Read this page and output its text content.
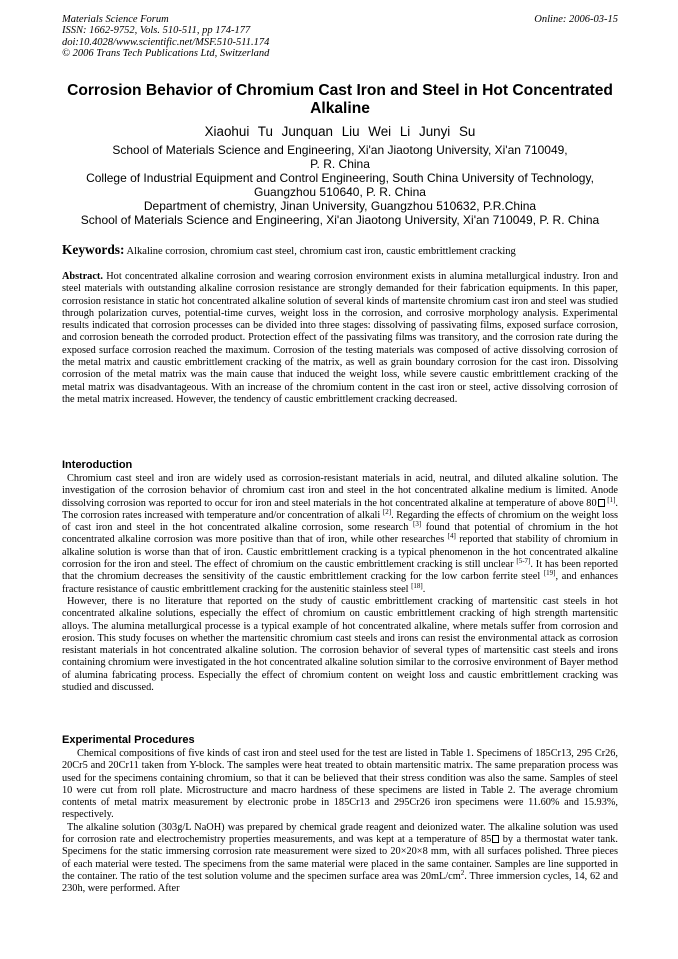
Materials Science Forum
ISSN: 1662-9752, Vols. 510-511, pp 174-177
doi:10.4028/www.scientific.net/MSF.510-511.174
© 2006 Trans Tech Publications Ltd, Switzerland
Online: 2006-03-15
Corrosion Behavior of Chromium Cast Iron and Steel in Hot Concentrated Alkaline
Xiaohui Tu Junquan Liu Wei Li Junyi Su
School of Materials Science and Engineering, Xi'an Jiaotong University, Xi'an 710049,
P. R. China
College of Industrial Equipment and Control Engineering, South China University of Technology,
Guangzhou 510640, P. R. China
Department of chemistry, Jinan University, Guangzhou 510632, P.R.China
School of Materials Science and Engineering, Xi'an Jiaotong University, Xi'an 710049, P. R. China
Keywords: Alkaline corrosion, chromium cast steel, chromium cast iron, caustic embrittlement cracking

Abstract. Hot concentrated alkaline corrosion and wearing corrosion environment exists in alumina metallurgical industry. Iron and steel materials with outstanding alkaline corrosion resistance are strongly demanded for their fabrication equipments. In this paper, corrosion resistance in static hot concentrated alkaline solution of several kinds of martensite chromium cast iron and steel was studied through polarization curves, potential-time curves, weight loss in the corrosion, and corrosive morphology analysis. Experimental results indicated that corrosion processes can be divided into three stages: dissolving of passivating films, exposed surface corrosion, and corrosion beneath the corroded product. Protection effect of the passivating films was transitory, and the corrosion rate during the exposed surface corrosion reached the maximum. Corrosion of the testing materials was composed of active dissolving corrosion of the metal matrix and caustic embrittlement cracking of the matrix, as well as grain boundary corrosion for the cast iron. Dissolving corrosion of the metal matrix was the main cause that induced the weight loss, while severe caustic embrittlement cracking of the metal matrix was disadvantageous. With an increase of the chromium content in the cast iron or steel, active dissolving corrosion of the metal matrix increased. However, the tendency of caustic embrittlement cracking decreased.

Interoduction

Chromium cast steel and iron are widely used as corrosion-resistant materials in acid, neutral, and diluted alkaline solution. The investigation of the corrosion behavior of chromium cast iron and steel in the hot concentrated alkaline medium is limited. Anode dissolving corrosion was reported to occur for iron and steel materials in the hot concentrated alkaline at temperature of above 80 [1]. The corrosion rates increased with temperature and/or concentration of alkali [2]. Regarding the effects of chromium on the weight loss of cast iron and steel in the hot concentrated alkaline corrosion, some research [3] found that potential of chromium in the hot concentrated alkaline corrosion was more positive than that of iron, while other researches [4] reported that stability of chromium in alkaline solution is worse than that of iron. Caustic embrittlement cracking is a typical phenomenon in the hot concentrated alkaline corrosion for the iron and steel. The effect of chromium on the caustic embrittlement cracking is still unclear [5-7]. It has been reported that the chromium decreases the sensitivity of the caustic embrittlement cracking for the low carbon ferrite steel [19], and enhances fracture resistance of caustic embrittlement cracking for the austenitic stainless steel [18].

However, there is no literature that reported on the study of caustic embrittlement cracking of martensitic cast steels in hot concentrated alkaline solutions, especially the effect of chromium on caustic embrittlement cracking of high strength martensitic alloys. The alumina metallurgical processe is a typical example of hot concentrated alkaline, where metals suffer from corrosion and erosion. This study focuses on whether the martensitic chromium cast steels and irons can resist the environmental attack as corrosion resistant materials in hot concentrated alkaline solution. The corrosion behavior of several types of martensitic cast steels and irons containing chromium were investigated in the hot concentrated alkaline solution similar to the corrosive environment of Bayer method of alumina fabricating process. Especially the effect of chromium content on weight loss and caustic embrittlement cracking was studied and discussed.

Experimental Procedures

Chemical compositions of five kinds of cast iron and steel used for the test are listed in Table 1. Specimens of 185Cr13, 295 Cr26, 20Cr5 and 20Cr11 taken from Y-block. The samples were heat treated to obtain martensitic matrix. The same preparation process was used for the specimens containing chromium, so that it can be believed that their stress condition was also the same. Samples of steel 10 were cut from roll plate. Microstructure and macro hardness of these specimens are listed in Table 2. The average chromium contents of metal matrix measurement by electronic probe in 185Cr13 and 295Cr26 iron specimens were 11.60% and 15.93%, respectively.

The alkaline solution (303g/L NaOH) was prepared by chemical grade reagent and deionized water. The alkaline solution was used for corrosion rate and electrochemistry properties measurements, and was kept at a temperature of 85 by a thermostat water tank. Specimens for the static immersing corrosion rate measurement were sized to 20×20×8 mm, with all surfaces polished. Three pieces of each material were tested. The specimens from the same material were placed in the same container. Samples are line supported in the container. The ratio of the test solution volume and the specimen surface area was $20mL/cm^2$. Three immersion cycles, 14, 62 and 230h, were performed. After
